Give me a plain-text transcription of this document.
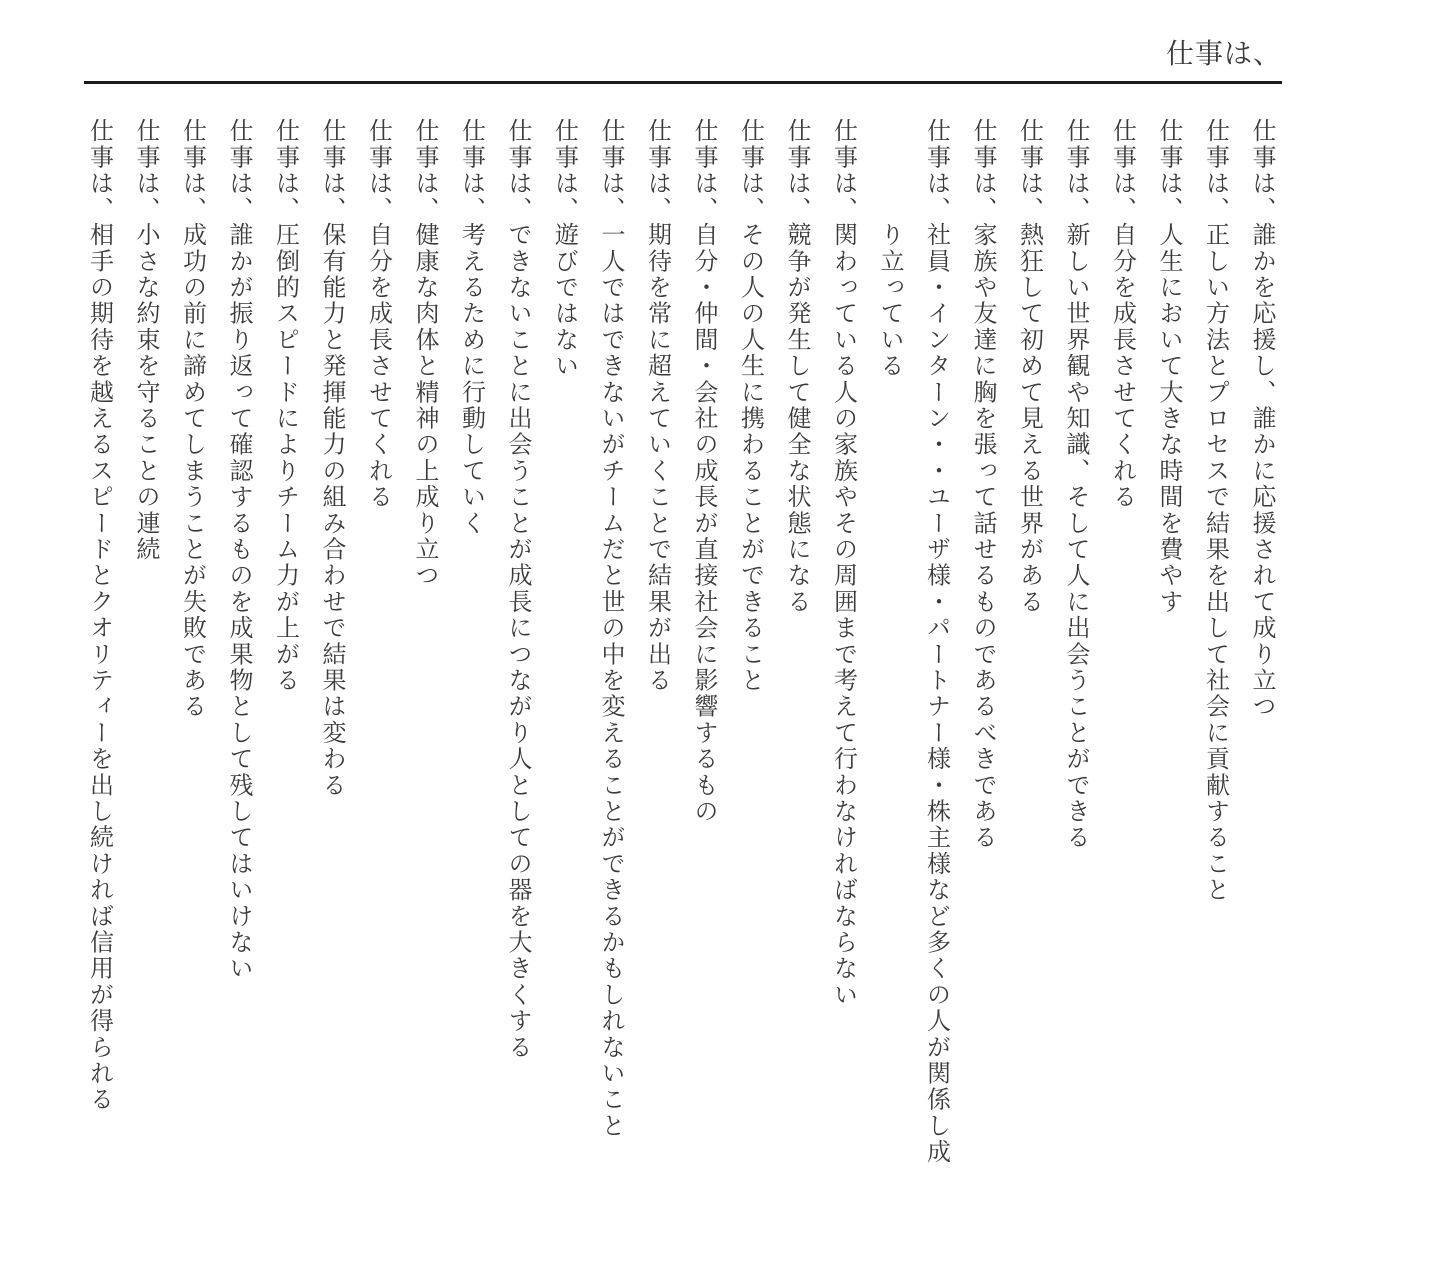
仕事は、
仕事は、
誰かを応援し、誰かに応援されて成り立つ
仕事は、
正しい方法とプロセスで結果を出して社会に貢献すること
仕事は、
人生において大きな時間を費やす
仕事は、
自分を成長させてくれる
仕事は、
新しい世界観や知識、そして人に出会うことができる
仕事は、
熱狂して初めて見える世界がある
仕事は、
家族や友達に胸を張って話せるものであるべきである
仕事は、
社員・インターン・・ユーザ様・パートナー様・株主様など多くの人が関係し成り立っている
仕事は、
関わっている人の家族やその周囲まで考えて行わなければならない
仕事は、
競争が発生して健全な状態になる
仕事は、
その人の人生に携わることができること
仕事は、
自分・仲間・会社の成長が直接社会に影響するもの
仕事は、
期待を常に超えていくことで結果が出る
仕事は、
一人ではできないがチームだと世の中を変えることができるかもしれないこと
仕事は、
遊びではない
仕事は、
できないことに出会うことが成長につながり人としての器を大きくする
仕事は、
考えるために行動していく
仕事は、
健康な肉体と精神の上成り立つ
仕事は、
自分を成長させてくれる
仕事は、
保有能力と発揮能力の組み合わせで結果は変わる
仕事は、
圧倒的スピードによりチーム力が上がる
仕事は、
誰かが振り返って確認するものを成果物として残してはいけない
仕事は、
成功の前に諦めてしまうことが失敗である
仕事は、
小さな約束を守ることの連続
仕事は、
相手の期待を越えるスピードとクオリティーを出し続ければ信用が得られる
